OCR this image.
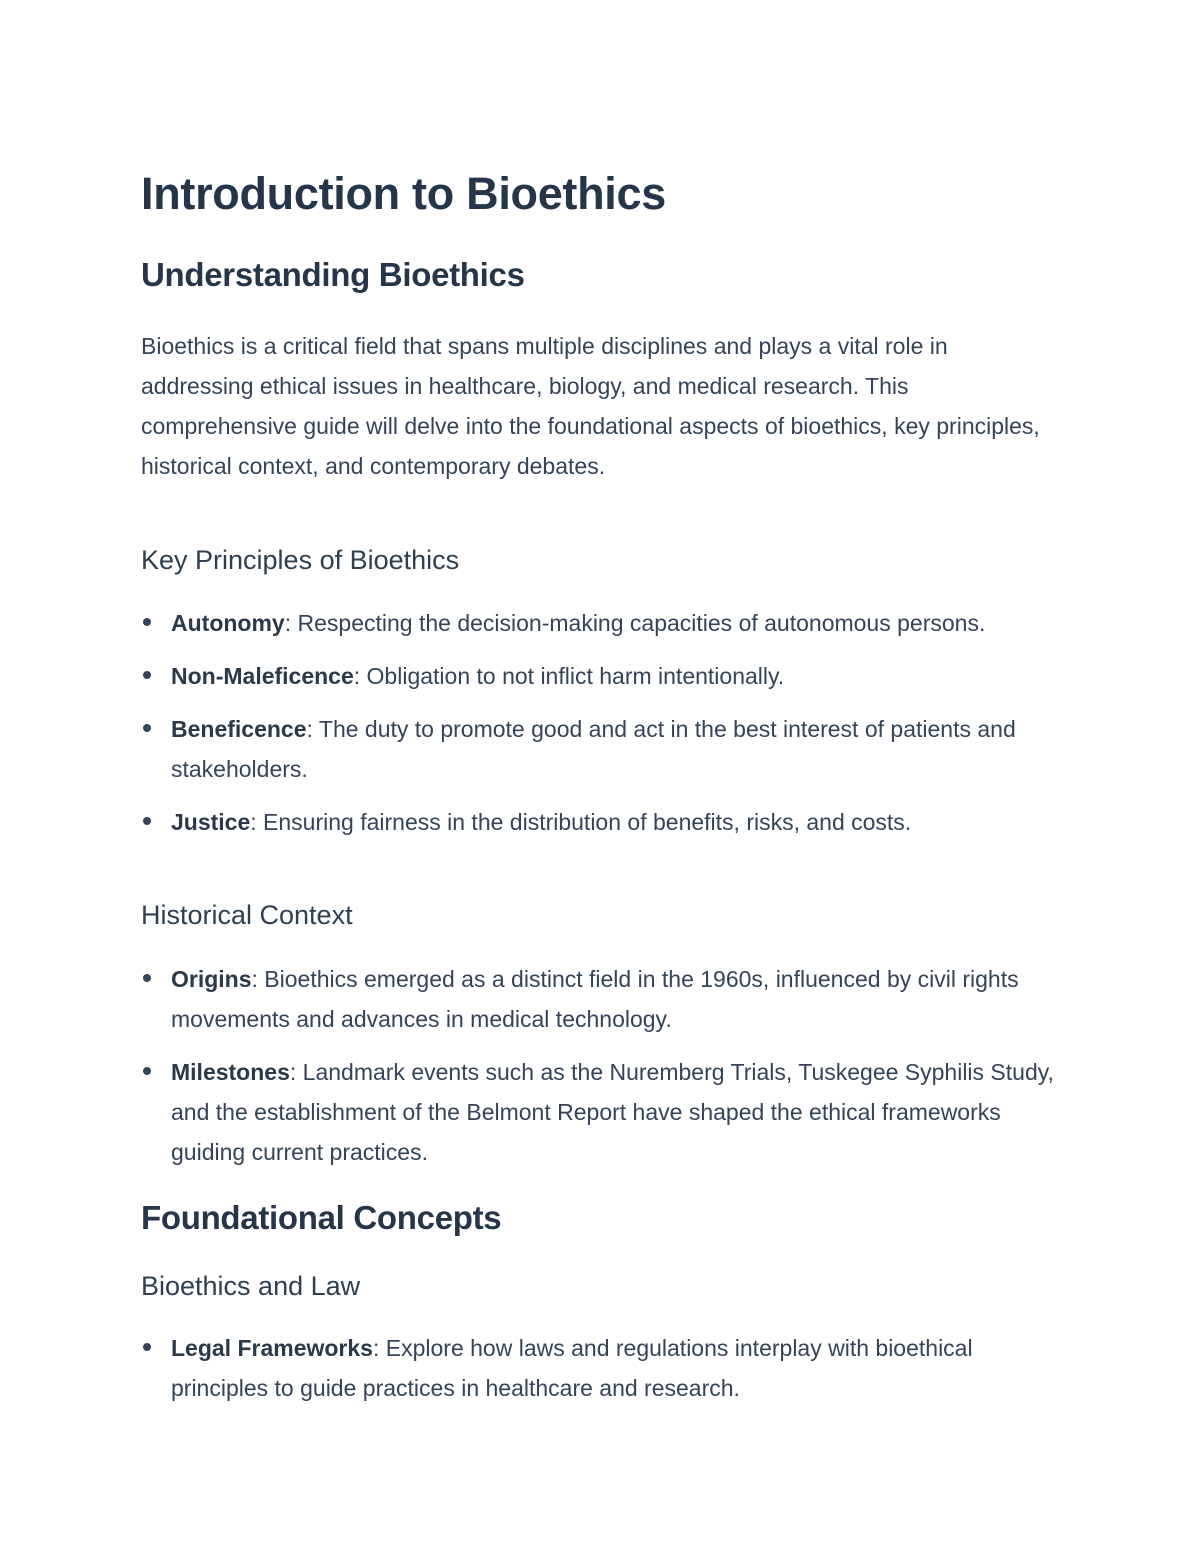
Introduction to Bioethics
Understanding Bioethics

Bioethics is a critical field that spans multiple disciplines and plays a vital role in addressing ethical issues in healthcare, biology, and medical research. This comprehensive guide will delve into the foundational aspects of bioethics, key principles, historical context, and contemporary debates.

Key Principles of Bioethics
Autonomy: Respecting the decision-making capacities of autonomous persons.
Non-Maleficence: Obligation to not inflict harm intentionally.
Beneficence: The duty to promote good and act in the best interest of patients and stakeholders.
Justice: Ensuring fairness in the distribution of benefits, risks, and costs.
Historical Context
Origins: Bioethics emerged as a distinct field in the 1960s, influenced by civil rights movements and advances in medical technology.
Milestones: Landmark events such as the Nuremberg Trials, Tuskegee Syphilis Study, and the establishment of the Belmont Report have shaped the ethical frameworks guiding current practices.
Foundational Concepts
Bioethics and Law
Legal Frameworks: Explore how laws and regulations interplay with bioethical principles to guide practices in healthcare and research.
